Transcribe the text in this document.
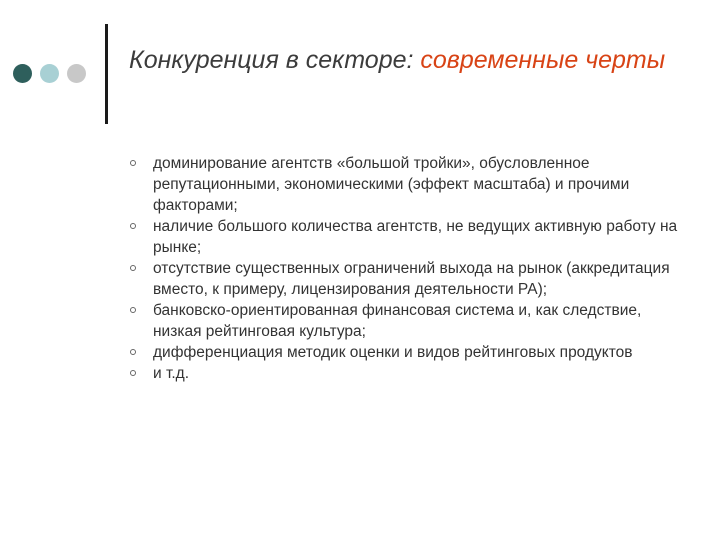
Конкуренция в секторе: современные черты
доминирование агентств «большой тройки», обусловленное репутационными, экономическими (эффект масштаба) и прочими факторами;
наличие большого количества агентств, не ведущих активную работу на рынке;
отсутствие существенных ограничений выхода на рынок (аккредитация вместо, к примеру, лицензирования деятельности РА);
банковско-ориентированная финансовая система и, как следствие, низкая рейтинговая культура;
дифференциация методик оценки и видов рейтинговых продуктов
и т.д.
